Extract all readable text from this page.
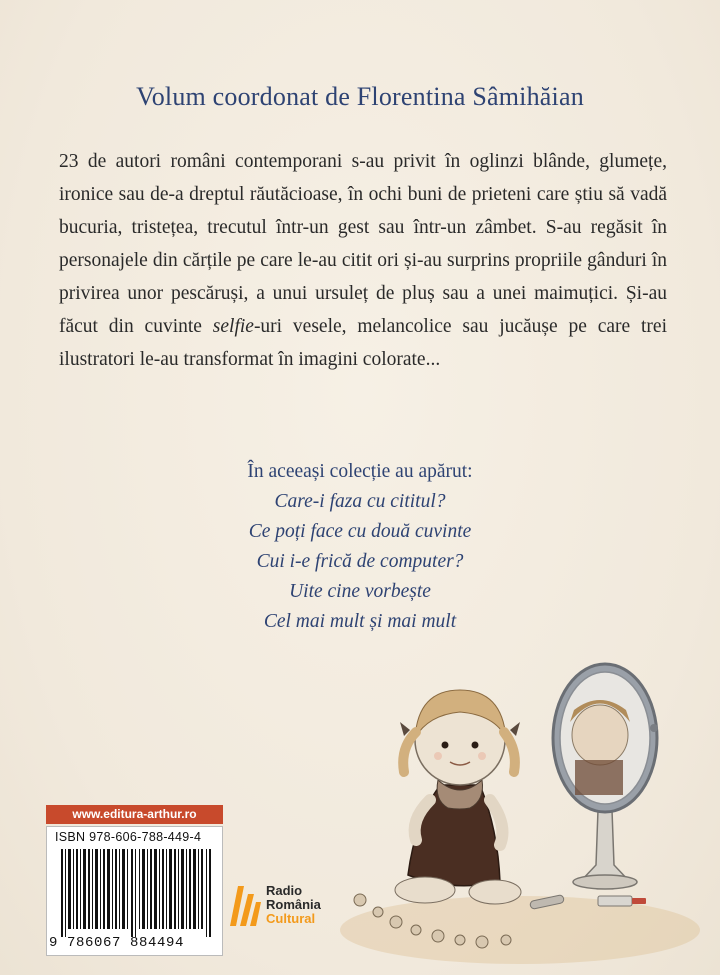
Volum coordonat de Florentina Sâmihăian

23 de autori români contemporani s-au privit în oglinzi blânde, glumețe, ironice sau de-a dreptul răutăcioase, în ochi buni de prieteni care știu să vadă bucuria, tristețea, trecutul într-un gest sau într-un zâmbet. S-au regăsit în personajele din cărțile pe care le-au citit ori și-au surprins propriile gânduri în privirea unor pescăruși, a unui ursuleț de pluș sau a unei maimuțici. Și-au făcut din cuvinte selfie-uri vesele, melancolice sau jucăușe pe care trei ilustratori le-au transformat în imagini colorate...

În aceeași colecție au apărut:
Care-i faza cu cititul?
Ce poți face cu două cuvinte
Cui i-e frică de computer?
Uite cine vorbește
Cel mai mult și mai mult
www.editura-arthur.ro
ISBN 978-606-788-449-4
9 786067 884494
Radio
România
Cultural
